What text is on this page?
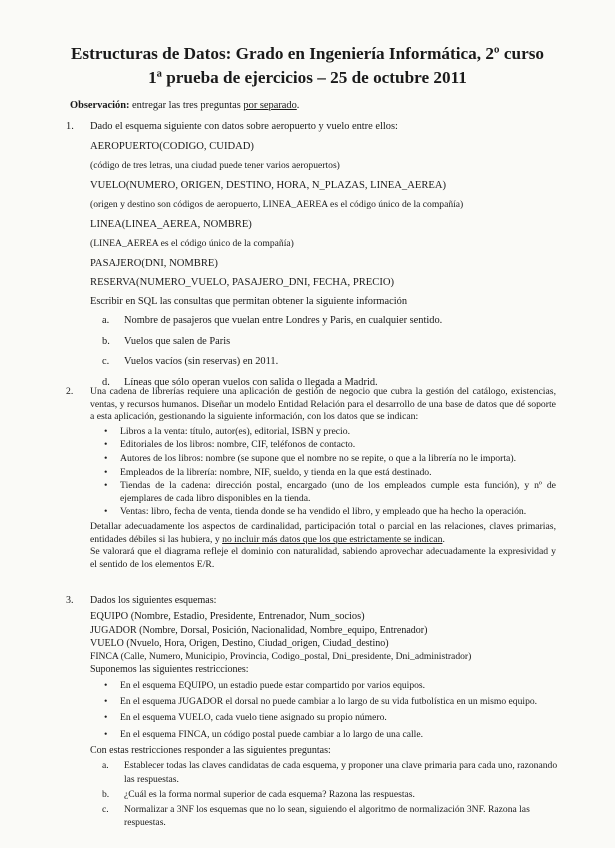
Estructuras de Datos: Grado en Ingeniería Informática, 2º curso
1ª prueba de ejercicios – 25 de octubre 2011
Observación: entregar las tres preguntas por separado.
1.	Dado el esquema siguiente con datos sobre aeropuerto y vuelo entre ellos:
AEROPUERTO(CODIGO, CUIDAD)
(código de tres letras, una ciudad puede tener varios aeropuertos)
VUELO(NUMERO, ORIGEN, DESTINO, HORA, N_PLAZAS, LINEA_AEREA)
(origen y destino son códigos de aeropuerto, LINEA_AEREA es el código único de la compañía)
LINEA(LINEA_AEREA, NOMBRE)
(LINEA_AEREA es el código único de la compañía)
PASAJERO(DNI, NOMBRE)
RESERVA(NUMERO_VUELO, PASAJERO_DNI, FECHA, PRECIO)
Escribir en SQL las consultas que permitan obtener la siguiente información
a. Nombre de pasajeros que vuelan entre Londres y Paris, en cualquier sentido.
b. Vuelos que salen de Paris
c. Vuelos vacíos (sin reservas) en 2011.
d. Líneas que sólo operan vuelos con salida o llegada a Madrid.
2.	Una cadena de librerías requiere una aplicación de gestión de negocio que cubra la gestión del catálogo, existencias, ventas, y recursos humanos. Diseñar un modelo Entidad Relación para el desarrollo de una base de datos que dé soporte a esta aplicación, gestionando la siguiente información, con los datos que se indican:
• Libros a la venta: título, autor(es), editorial, ISBN y precio.
• Editoriales de los libros: nombre, CIF, teléfonos de contacto.
• Autores de los libros: nombre (se supone que el nombre no se repite, o que a la librería no le importa).
• Empleados de la librería: nombre, NIF, sueldo, y tienda en la que está destinado.
• Tiendas de la cadena: dirección postal, encargado (uno de los empleados cumple esta función), y nº de ejemplares de cada libro disponibles en la tienda.
• Ventas: libro, fecha de venta, tienda donde se ha vendido el libro, y empleado que ha hecho la operación.
Detallar adecuadamente los aspectos de cardinalidad, participación total o parcial en las relaciones, claves primarias, entidades débiles si las hubiera, y no incluir más datos que los que estrictamente se indican.
Se valorará que el diagrama refleje el dominio con naturalidad, sabiendo aprovechar adecuadamente la expresividad y el sentido de los elementos E/R.
3.	Dados los siguientes esquemas:
EQUIPO (Nombre, Estadio, Presidente, Entrenador, Num_socios)
JUGADOR (Nombre, Dorsal, Posición, Nacionalidad, Nombre_equipo, Entrenador)
VUELO (Nvuelo, Hora, Origen, Destino, Ciudad_origen, Ciudad_destino)
FINCA (Calle, Numero, Municipio, Provincia, Codigo_postal, Dni_presidente, Dni_administrador)
Suponemos las siguientes restricciones:
• En el esquema EQUIPO, un estadio puede estar compartido por varios equipos.
• En el esquema JUGADOR el dorsal no puede cambiar a lo largo de su vida futbolística en un mismo equipo.
• En el esquema VUELO, cada vuelo tiene asignado su propio número.
• En el esquema FINCA, un código postal puede cambiar a lo largo de una calle.
Con estas restricciones responder a las siguientes preguntas:
a. Establecer todas las claves candidatas de cada esquema, y proponer una clave primaria para cada uno, razonando las respuestas.
b. ¿Cuál es la forma normal superior de cada esquema? Razona las respuestas.
c. Normalizar a 3NF los esquemas que no lo sean, siguiendo el algoritmo de normalización 3NF. Razona las respuestas.
